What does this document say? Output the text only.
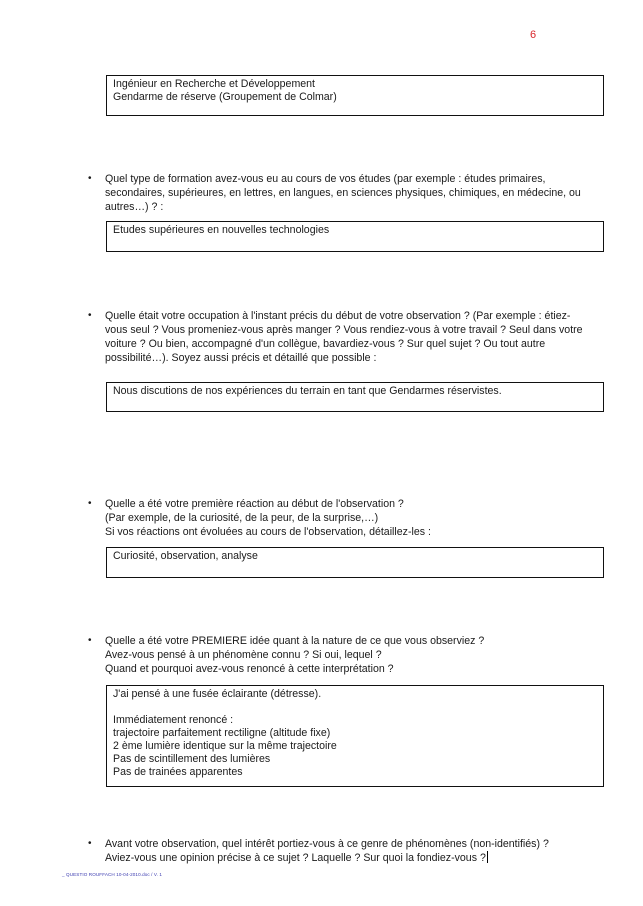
6
Ingénieur en Recherche et Développement
Gendarme de réserve (Groupement de Colmar)
• Quel type de formation avez-vous eu au cours de vos études (par exemple : études primaires,
secondaires, supérieures, en lettres, en langues, en sciences physiques, chimiques, en médecine, ou
autres…) ? :
Etudes supérieures en nouvelles technologies
• Quelle était votre occupation à l'instant précis du début de votre observation ? (Par exemple : étiez-
vous seul ? Vous promeniez-vous après manger ? Vous rendiez-vous à votre travail ? Seul dans votre
voiture ? Ou bien, accompagné d'un collègue, bavardiez-vous ? Sur quel sujet ? Ou tout autre
possibilité…). Soyez aussi précis et détaillé que possible :
Nous discutions de nos expériences du terrain en tant que Gendarmes réservistes.
• Quelle a été votre première réaction au début de l'observation ?
(Par exemple, de la curiosité, de la peur, de la surprise,…)
Si vos réactions ont évoluées au cours de l'observation, détaillez-les :
Curiosité, observation, analyse
• Quelle a été votre PREMIERE idée quant à la nature de ce que vous observiez ?
Avez-vous pensé à un phénomène connu ? Si oui, lequel ?
Quand et pourquoi avez-vous renoncé à cette interprétation ?
J'ai pensé à une fusée éclairante (détresse).
Immédiatement renoncé :
trajectoire parfaitement rectiligne (altitude fixe)
2 ème lumière identique sur la même trajectoire
Pas de scintillement des lumières
Pas de trainées apparentes
• Avant votre observation, quel intérêt portiez-vous à ce genre de phénomènes (non-identifiés) ?
Aviez-vous une opinion précise à ce sujet ? Laquelle ? Sur quoi la fondiez-vous ?
_ QUESTIO ROUFFACH 10-04-2010.doc / V. 1
